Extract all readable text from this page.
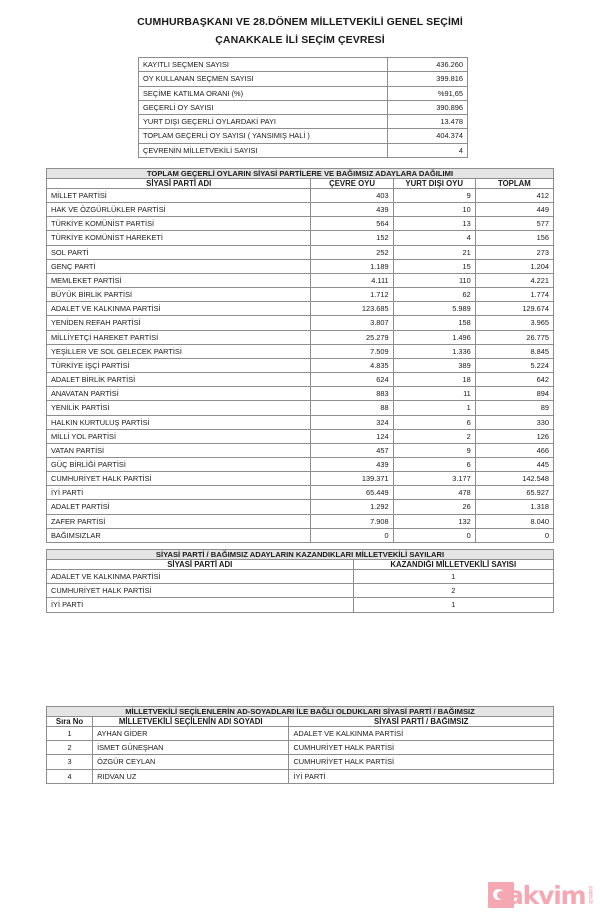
CUMHURBAŞKANI VE 28.DÖNEM MİLLETVEKİLİ GENEL SEÇİMİ
ÇANAKKALE İLİ SEÇİM ÇEVRESİ
KAYITLI SEÇMEN SAYISI	436.260
OY KULLANAN SEÇMEN SAYISI	399.816
SEÇİME KATILMA ORANI (%)	%91,65
GEÇERLİ OY SAYISI	390.896
YURT DIŞI GEÇERLİ OYLARDAKİ PAYI	13.478
TOPLAM GEÇERLİ OY SAYISI ( YANSIMIŞ HALİ )	404.374
ÇEVRENİN MİLLETVEKİLİ SAYISI	4
TOPLAM GEÇERLİ OYLARIN SİYASİ PARTİLERE VE BAĞIMSIZ ADAYLARA DAĞILIMI			
SİYASİ PARTİ ADI	ÇEVRE OYU	YURT DIŞI OYU	TOPLAM
MİLLET PARTİSİ	403	9	412
HAK VE ÖZGÜRLÜKLER PARTİSİ	439	10	449
TÜRKİYE KOMÜNİST PARTİSİ	564	13	577
TÜRKİYE KOMÜNİST HAREKETİ	152	4	156
SOL PARTİ	252	21	273
GENÇ PARTİ	1.189	15	1.204
MEMLEKET PARTİSİ	4.111	110	4.221
BÜYÜK BİRLİK PARTİSİ	1.712	62	1.774
ADALET VE KALKINMA PARTİSİ	123.685	5.989	129.674
YENİDEN REFAH PARTİSİ	3.807	158	3.965
MİLLİYETÇİ HAREKET PARTİSİ	25.279	1.496	26.775
YEŞİLLER VE SOL GELECEK PARTİSİ	7.509	1.336	8.845
TÜRKİYE İŞÇİ PARTİSİ	4.835	389	5.224
ADALET BİRLİK PARTİSİ	624	18	642
ANAVATAN PARTİSİ	883	11	894
YENİLİK PARTİSİ	88	1	89
HALKIN KURTULUŞ PARTİSİ	324	6	330
MİLLİ YOL PARTİSİ	124	2	126
VATAN PARTİSİ	457	9	466
GÜÇ BİRLİĞİ PARTİSİ	439	6	445
CUMHURİYET HALK PARTİSİ	139.371	3.177	142.548
İYİ PARTİ	65.449	478	65.927
ADALET PARTİSİ	1.292	26	1.318
ZAFER PARTİSİ	7.908	132	8.040
BAĞIMSIZLAR	0	0	0
SİYASİ PARTİ / BAĞIMSIZ ADAYLARIN KAZANDIKLARI MİLLETVEKİLİ SAYILARI	
SİYASİ PARTİ ADI	KAZANDIĞI MİLLETVEKİLİ SAYISI
ADALET VE KALKINMA PARTİSİ	1
CUMHURİYET HALK PARTİSİ	2
İYİ PARTİ	1
MİLLETVEKİLİ SEÇİLENLERİN AD-SOYADLARI İLE BAĞLI OLDUKLARI SİYASİ PARTİ / BAĞIMSIZ		
Sıra No	MİLLETVEKİLİ SEÇİLENİN ADI SOYADI	SİYASİ PARTİ / BAĞIMSIZ
1	AYHAN GİDER	ADALET VE KALKINMA PARTİSİ
2	İSMET GÜNEŞHAN	CUMHURİYET HALK PARTİSİ
3	ÖZGÜR CEYLAN	CUMHURİYET HALK PARTİSİ
4	RIDVAN UZ	İYİ PARTİ
akvim com.tr
